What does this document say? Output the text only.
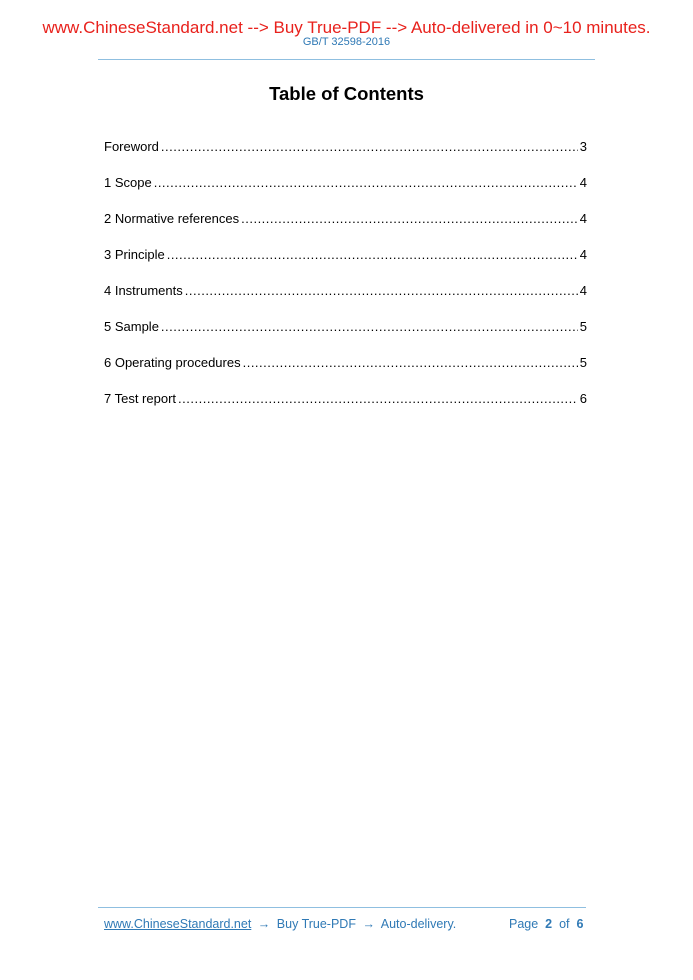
www.ChineseStandard.net --> Buy True-PDF --> Auto-delivered in 0~10 minutes.
GB/T 32598-2016
Table of Contents
Foreword .....	3
1 Scope .....	4
2 Normative references .....	4
3 Principle .....	4
4 Instruments .....	4
5 Sample .....	5
6 Operating procedures .....	5
7 Test report .....	6
www.ChineseStandard.net → Buy True-PDF → Auto-delivery.	Page 2 of 6
